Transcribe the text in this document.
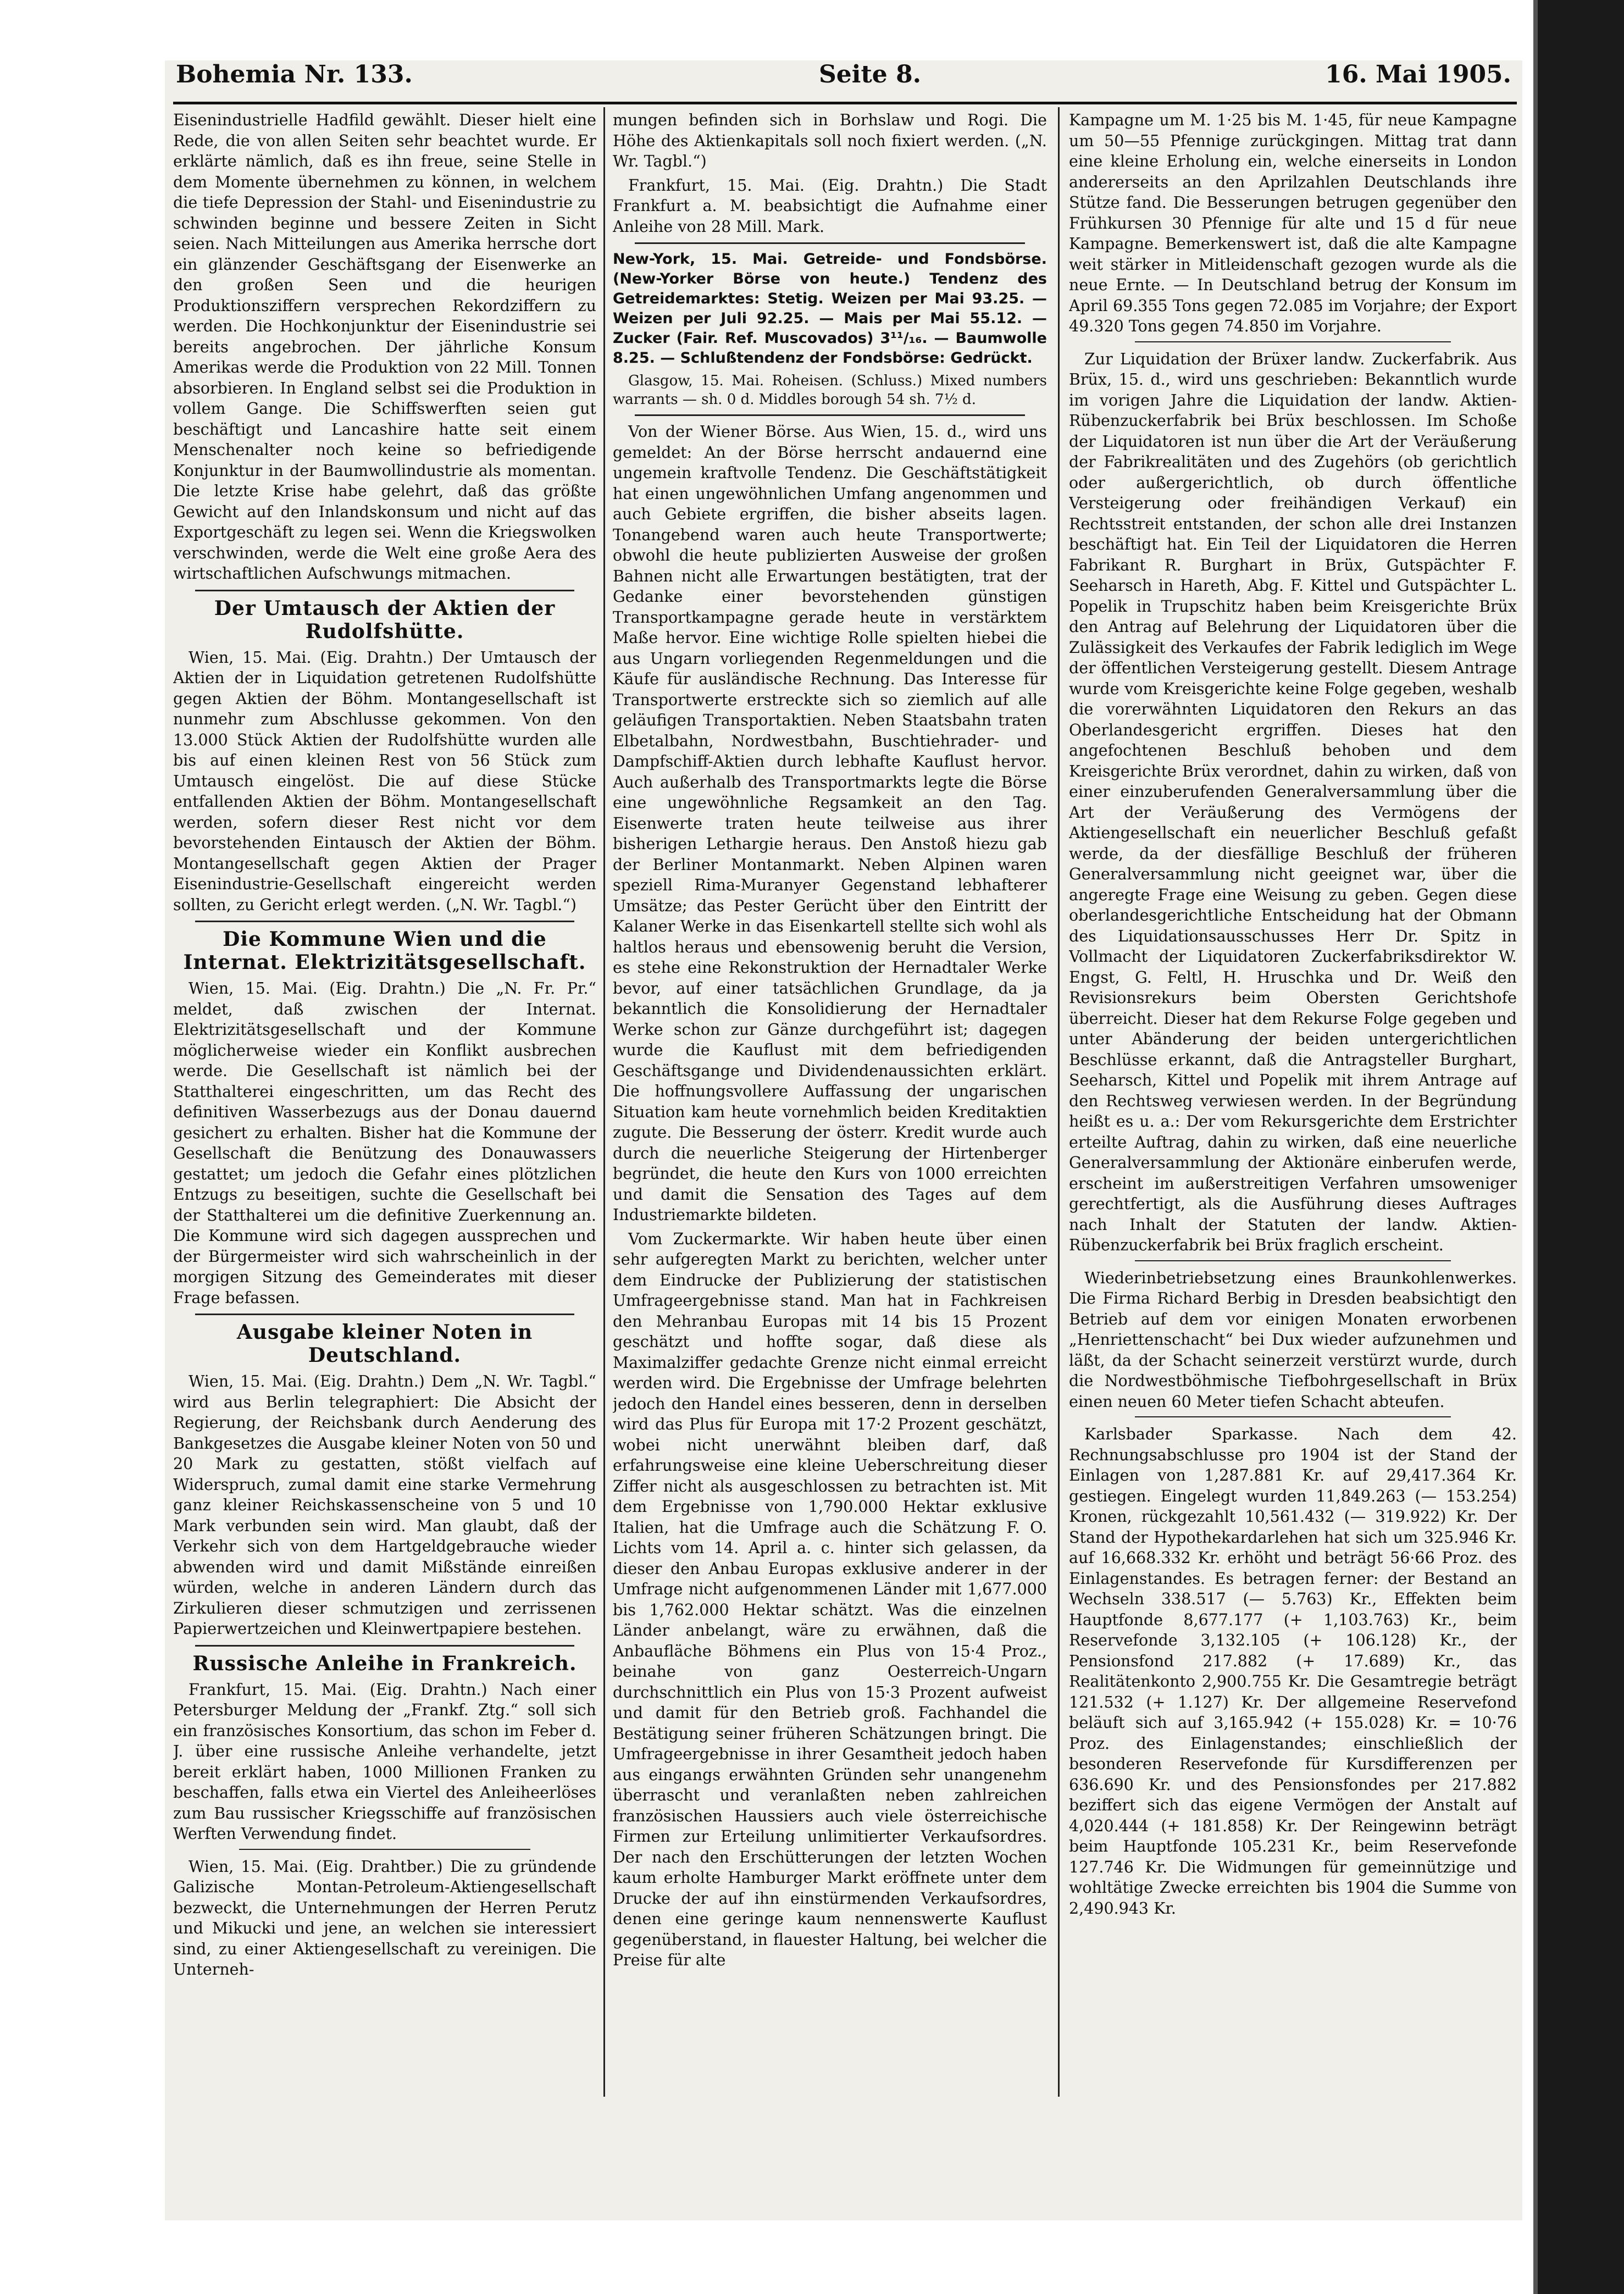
Bohemia Nr. 133.	Seite 8.	16. Mai 1905.

Eisenindustrielle Hadfild gewählt. Dieser hielt eine Rede, die von allen Seiten sehr beachtet wurde. Er erklärte nämlich, daß es ihn freue, seine Stelle in dem Momente übernehmen zu können, in welchem die tiefe Depression der Stahl- und Eisenindustrie zu schwinden beginne und bessere Zeiten in Sicht seien. Nach Mitteilungen aus Amerika herrsche dort ein glänzender Geschäftsgang der Eisenwerke an den großen Seen und die heurigen Produktionsziffern versprechen Rekordziffern zu werden. Die Hochkonjunktur der Eisenindustrie sei bereits angebrochen. Der jährliche Konsum Amerikas werde die Produktion von 22 Mill. Tonnen absorbieren. In England selbst sei die Produktion in vollem Gange. Die Schiffswerften seien gut beschäftigt und Lancashire hatte seit einem Menschenalter noch keine so befriedigende Konjunktur in der Baumwollindustrie als momentan. Die letzte Krise habe gelehrt, daß das größte Gewicht auf den Inlandskonsum und nicht auf das Exportgeschäft zu legen sei. Wenn die Kriegswolken verschwinden, werde die Welt eine große Aera des wirtschaftlichen Aufschwungs mitmachen.

Der Umtausch der Aktien der Rudolfshütte.

Wien, 15. Mai. (Eig. Drahtn.) Der Umtausch der Aktien der in Liquidation getretenen Rudolfshütte gegen Aktien der Böhm. Montangesellschaft ist nunmehr zum Abschlusse gekommen. Von den 13.000 Stück Aktien der Rudolfshütte wurden alle bis auf einen kleinen Rest von 56 Stück zum Umtausch eingelöst. Die auf diese Stücke entfallenden Aktien der Böhm. Montangesellschaft werden, sofern dieser Rest nicht vor dem bevorstehenden Eintausch der Aktien der Böhm. Montangesellschaft gegen Aktien der Prager Eisenindustrie-Gesellschaft eingereicht werden sollten, zu Gericht erlegt werden. („N. Wr. Tagbl.“)

Die Kommune Wien und die Internat. Elektrizitätsgesellschaft.

Wien, 15. Mai. (Eig. Drahtn.) Die „N. Fr. Pr.“ meldet, daß zwischen der Internat. Elektrizitätsgesellschaft und der Kommune möglicherweise wieder ein Konflikt ausbrechen werde. Die Gesellschaft ist nämlich bei der Statthalterei eingeschritten, um das Recht des definitiven Wasserbezugs aus der Donau dauernd gesichert zu erhalten. Bisher hat die Kommune der Gesellschaft die Benützung des Donauwassers gestattet; um jedoch die Gefahr eines plötzlichen Entzugs zu beseitigen, suchte die Gesellschaft bei der Statthalterei um die definitive Zuerkennung an. Die Kommune wird sich dagegen aussprechen und der Bürgermeister wird sich wahrscheinlich in der morgigen Sitzung des Gemeinderates mit dieser Frage befassen.

Ausgabe kleiner Noten in Deutschland.

Wien, 15. Mai. (Eig. Drahtn.) Dem „N. Wr. Tagbl.“ wird aus Berlin telegraphiert: Die Absicht der Regierung, der Reichsbank durch Aenderung des Bankgesetzes die Ausgabe kleiner Noten von 50 und 20 Mark zu gestatten, stößt vielfach auf Widerspruch, zumal damit eine starke Vermehrung ganz kleiner Reichskassenscheine von 5 und 10 Mark verbunden sein wird. Man glaubt, daß der Verkehr sich von dem Hartgeldgebrauche wieder abwenden wird und damit Mißstände einreißen würden, welche in anderen Ländern durch das Zirkulieren dieser schmutzigen und zerrissenen Papierwertzeichen und Kleinwertpapiere bestehen.

Russische Anleihe in Frankreich.

Frankfurt, 15. Mai. (Eig. Drahtn.) Nach einer Petersburger Meldung der „Frankf. Ztg.“ soll sich ein französisches Konsortium, das schon im Feber d. J. über eine russische Anleihe verhandelte, jetzt bereit erklärt haben, 1000 Millionen Franken zu beschaffen, falls etwa ein Viertel des Anleiheerlöses zum Bau russischer Kriegsschiffe auf französischen Werften Verwendung findet.

Wien, 15. Mai. (Eig. Drahtber.) Die zu gründende Galizische Montan-Petroleum-Aktiengesellschaft bezweckt, die Unternehmungen der Herren Perutz und Mikucki und jene, an welchen sie interessiert sind, zu einer Aktiengesellschaft zu vereinigen. Die Unterneh-

mungen befinden sich in Borhslaw und Rogi. Die Höhe des Aktienkapitals soll noch fixiert werden. („N. Wr. Tagbl.“)

Frankfurt, 15. Mai. (Eig. Drahtn.) Die Stadt Frankfurt a. M. beabsichtigt die Aufnahme einer Anleihe von 28 Mill. Mark.

New-York, 15. Mai. Getreide- und Fondsbörse. (New-Yorker Börse von heute.) Tendenz des Getreidemarktes: Stetig. Weizen per Mai 93.25. — Weizen per Juli 92.25. — Mais per Mai 55.12. — Zucker (Fair. Ref. Muscovados) 3¹¹/₁₆. — Baumwolle 8.25. — Schlußtendenz der Fondsbörse: Gedrückt.

Glasgow, 15. Mai. Roheisen. (Schluss.) Mixed numbers warrants — sh. 0 d. Middles borough 54 sh. 7½ d.

Von der Wiener Börse. Aus Wien, 15. d., wird uns gemeldet: An der Börse herrscht andauernd eine ungemein kraftvolle Tendenz. Die Geschäftstätigkeit hat einen ungewöhnlichen Umfang angenommen und auch Gebiete ergriffen, die bisher abseits lagen. Tonangebend waren auch heute Transportwerte; obwohl die heute publizierten Ausweise der großen Bahnen nicht alle Erwartungen bestätigten, trat der Gedanke einer bevorstehenden günstigen Transportkampagne gerade heute in verstärktem Maße hervor. Eine wichtige Rolle spielten hiebei die aus Ungarn vorliegenden Regenmeldungen und die Käufe für ausländische Rechnung. Das Interesse für Transportwerte erstreckte sich so ziemlich auf alle geläufigen Transportaktien. Neben Staatsbahn traten Elbetalbahn, Nordwestbahn, Buschtiehrader- und Dampfschiff-Aktien durch lebhafte Kauflust hervor. Auch außerhalb des Transportmarkts legte die Börse eine ungewöhnliche Regsamkeit an den Tag. Eisenwerte traten heute teilweise aus ihrer bisherigen Lethargie heraus. Den Anstoß hiezu gab der Berliner Montanmarkt. Neben Alpinen waren speziell Rima-Muranyer Gegenstand lebhafterer Umsätze; das Pester Gerücht über den Eintritt der Kalaner Werke in das Eisenkartell stellte sich wohl als haltlos heraus und ebensowenig beruht die Version, es stehe eine Rekonstruktion der Hernadtaler Werke bevor, auf einer tatsächlichen Grundlage, da ja bekanntlich die Konsolidierung der Hernadtaler Werke schon zur Gänze durchgeführt ist; dagegen wurde die Kauflust mit dem befriedigenden Geschäftsgange und Dividendenaussichten erklärt. Die hoffnungsvollere Auffassung der ungarischen Situation kam heute vornehmlich beiden Kreditaktien zugute. Die Besserung der österr. Kredit wurde auch durch die neuerliche Steigerung der Hirtenberger begründet, die heute den Kurs von 1000 erreichten und damit die Sensation des Tages auf dem Industriemarkte bildeten.

Vom Zuckermarkte. Wir haben heute über einen sehr aufgeregten Markt zu berichten, welcher unter dem Eindrucke der Publizierung der statistischen Umfrageergebnisse stand. Man hat in Fachkreisen den Mehranbau Europas mit 14 bis 15 Prozent geschätzt und hoffte sogar, daß diese als Maximalziffer gedachte Grenze nicht einmal erreicht werden wird. Die Ergebnisse der Umfrage belehrten jedoch den Handel eines besseren, denn in derselben wird das Plus für Europa mit 17·2 Prozent geschätzt, wobei nicht unerwähnt bleiben darf, daß erfahrungsweise eine kleine Ueberschreitung dieser Ziffer nicht als ausgeschlossen zu betrachten ist. Mit dem Ergebnisse von 1,790.000 Hektar exklusive Italien, hat die Umfrage auch die Schätzung F. O. Lichts vom 14. April a. c. hinter sich gelassen, da dieser den Anbau Europas exklusive anderer in der Umfrage nicht aufgenommenen Länder mit 1,677.000 bis 1,762.000 Hektar schätzt. Was die einzelnen Länder anbelangt, wäre zu erwähnen, daß die Anbaufläche Böhmens ein Plus von 15·4 Proz., beinahe von ganz Oesterreich-Ungarn durchschnittlich ein Plus von 15·3 Prozent aufweist und damit für den Betrieb groß. Fachhandel die Bestätigung seiner früheren Schätzungen bringt. Die Umfrageergebnisse in ihrer Gesamtheit jedoch haben aus eingangs erwähnten Gründen sehr unangenehm überrascht und veranlaßten neben zahlreichen französischen Haussiers auch viele österreichische Firmen zur Erteilung unlimitierter Verkaufsordres. Der nach den Erschütterungen der letzten Wochen kaum erholte Hamburger Markt eröffnete unter dem Drucke der auf ihn einstürmenden Verkaufsordres, denen eine geringe kaum nennenswerte Kauflust gegenüberstand, in flauester Haltung, bei welcher die Preise für alte

Kampagne um M. 1·25 bis M. 1·45, für neue Kampagne um 50—55 Pfennige zurückgingen. Mittag trat dann eine kleine Erholung ein, welche einerseits in London andererseits an den Aprilzahlen Deutschlands ihre Stütze fand. Die Besserungen betrugen gegenüber den Frühkursen 30 Pfennige für alte und 15 d für neue Kampagne. Bemerkenswert ist, daß die alte Kampagne weit stärker in Mitleidenschaft gezogen wurde als die neue Ernte. — In Deutschland betrug der Konsum im April 69.355 Tons gegen 72.085 im Vorjahre; der Export 49.320 Tons gegen 74.850 im Vorjahre.

Zur Liquidation der Brüxer landw. Zuckerfabrik. Aus Brüx, 15. d., wird uns geschrieben: Bekanntlich wurde im vorigen Jahre die Liquidation der landw. Aktien-Rübenzuckerfabrik bei Brüx beschlossen. Im Schoße der Liquidatoren ist nun über die Art der Veräußerung der Fabrikrealitäten und des Zugehörs (ob gerichtlich oder außergerichtlich, ob durch öffentliche Versteigerung oder freihändigen Verkauf) ein Rechtsstreit entstanden, der schon alle drei Instanzen beschäftigt hat. Ein Teil der Liquidatoren die Herren Fabrikant R. Burghart in Brüx, Gutspächter F. Seeharsch in Hareth, Abg. F. Kittel und Gutspächter L. Popelik in Trupschitz haben beim Kreisgerichte Brüx den Antrag auf Belehrung der Liquidatoren über die Zulässigkeit des Verkaufes der Fabrik lediglich im Wege der öffentlichen Versteigerung gestellt. Diesem Antrage wurde vom Kreisgerichte keine Folge gegeben, weshalb die vorerwähnten Liquidatoren den Rekurs an das Oberlandesgericht ergriffen. Dieses hat den angefochtenen Beschluß behoben und dem Kreisgerichte Brüx verordnet, dahin zu wirken, daß von einer einzuberufenden Generalversammlung über die Art der Veräußerung des Vermögens der Aktiengesellschaft ein neuerlicher Beschluß gefaßt werde, da der diesfällige Beschluß der früheren Generalversammlung nicht geeignet war, über die angeregte Frage eine Weisung zu geben. Gegen diese oberlandesgerichtliche Entscheidung hat der Obmann des Liquidationsausschusses Herr Dr. Spitz in Vollmacht der Liquidatoren Zuckerfabriksdirektor W. Engst, G. Feltl, H. Hruschka und Dr. Weiß den Revisionsrekurs beim Obersten Gerichtshofe überreicht. Dieser hat dem Rekurse Folge gegeben und unter Abänderung der beiden untergerichtlichen Beschlüsse erkannt, daß die Antragsteller Burghart, Seeharsch, Kittel und Popelik mit ihrem Antrage auf den Rechtsweg verwiesen werden. In der Begründung heißt es u. a.: Der vom Rekursgerichte dem Erstrichter erteilte Auftrag, dahin zu wirken, daß eine neuerliche Generalversammlung der Aktionäre einberufen werde, erscheint im außerstreitigen Verfahren umsoweniger gerechtfertigt, als die Ausführung dieses Auftrages nach Inhalt der Statuten der landw. Aktien-Rübenzuckerfabrik bei Brüx fraglich erscheint.

Wiederinbetriebsetzung eines Braunkohlenwerkes. Die Firma Richard Berbig in Dresden beabsichtigt den Betrieb auf dem vor einigen Monaten erworbenen „Henriettenschacht“ bei Dux wieder aufzunehmen und läßt, da der Schacht seinerzeit verstürzt wurde, durch die Nordwestböhmische Tiefbohrgesellschaft in Brüx einen neuen 60 Meter tiefen Schacht abteufen.

Karlsbader Sparkasse. Nach dem 42. Rechnungsabschlusse pro 1904 ist der Stand der Einlagen von 1,287.881 Kr. auf 29,417.364 Kr. gestiegen. Eingelegt wurden 11,849.263 (— 153.254) Kronen, rückgezahlt 10,561.432 (— 319.922) Kr. Der Stand der Hypothekardarlehen hat sich um 325.946 Kr. auf 16,668.332 Kr. erhöht und beträgt 56·66 Proz. des Einlagenstandes. Es betragen ferner: der Bestand an Wechseln 338.517 (— 5.763) Kr., Effekten beim Hauptfonde 8,677.177 (+ 1,103.763) Kr., beim Reservefonde 3,132.105 (+ 106.128) Kr., der Pensionsfond 217.882 (+ 17.689) Kr., das Realitätenkonto 2,900.755 Kr. Die Gesamtregie beträgt 121.532 (+ 1.127) Kr. Der allgemeine Reservefond beläuft sich auf 3,165.942 (+ 155.028) Kr. = 10·76 Proz. des Einlagenstandes; einschließlich der besonderen Reservefonde für Kursdifferenzen per 636.690 Kr. und des Pensionsfondes per 217.882 beziffert sich das eigene Vermögen der Anstalt auf 4,020.444 (+ 181.858) Kr. Der Reingewinn beträgt beim Hauptfonde 105.231 Kr., beim Reservefonde 127.746 Kr. Die Widmungen für gemeinnützige und wohltätige Zwecke erreichten bis 1904 die Summe von 2,490.943 Kr.
